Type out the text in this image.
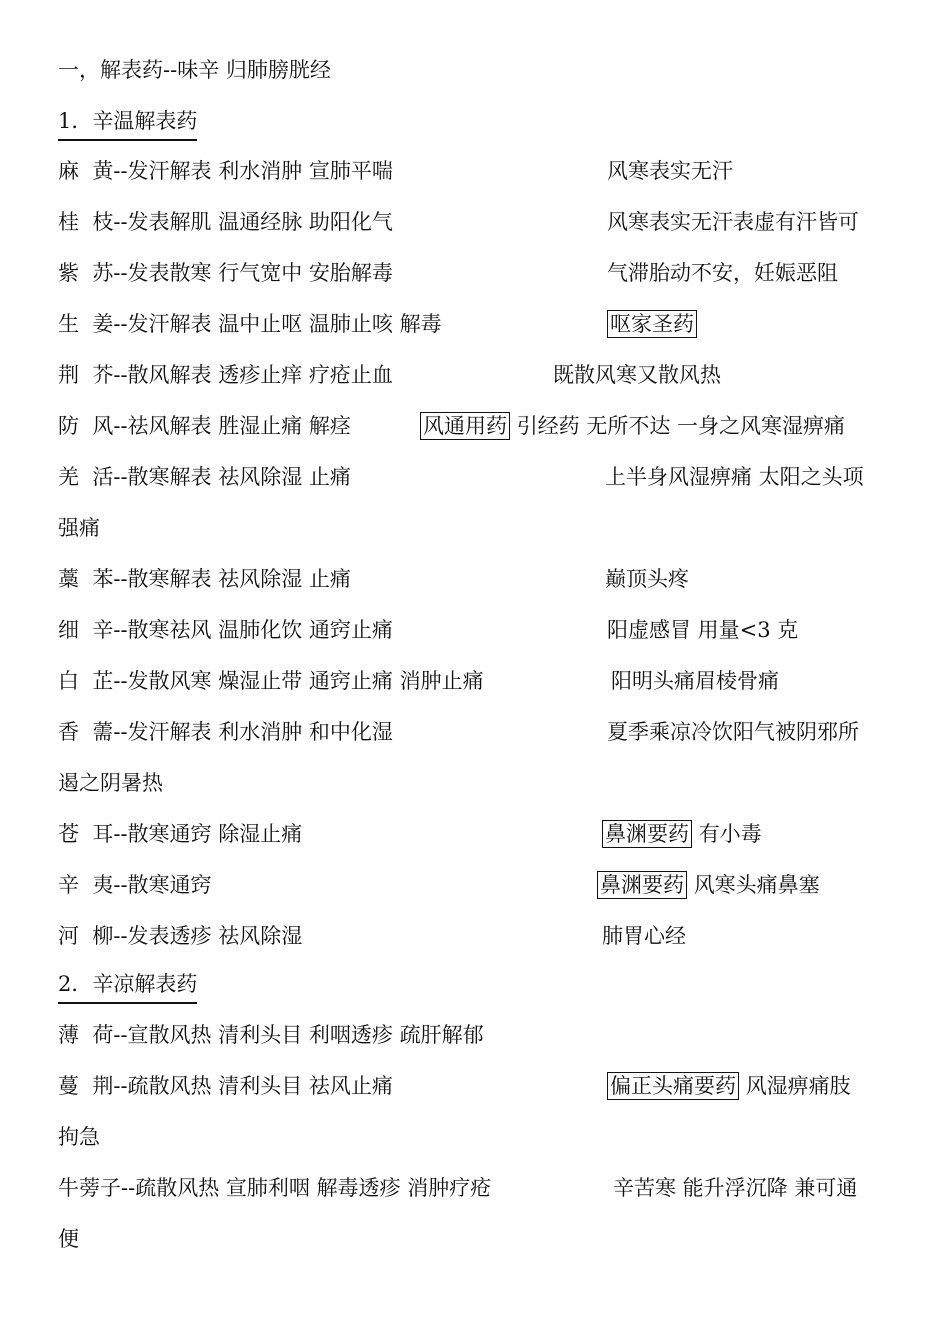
一，解表药--味辛 归肺膀胱经
1．辛温解表药
麻  黄--发汗解表 利水消肿 宣肺平喘	风寒表实无汗
桂  枝--发表解肌 温通经脉 助阳化气	风寒表实无汗表虚有汗皆可
紫  苏--发表散寒 行气宽中 安胎解毒	气滞胎动不安，妊娠恶阻
生  姜--发汗解表 温中止呕 温肺止咳 解毒	呕家圣药
荆  芥--散风解表 透疹止痒 疗疮止血	既散风寒又散风热
防  风--祛风解表 胜湿止痛 解痉	风通用药 引经药 无所不达 一身之风寒湿痹痛
羌  活--散寒解表 祛风除湿 止痛	上半身风湿痹痛 太阳之头项
强痛
藁  苯--散寒解表 祛风除湿 止痛	巅顶头疼
细  辛--散寒祛风 温肺化饮 通窍止痛	阳虚感冒 用量<3 克
白  芷--发散风寒 燥湿止带 通窍止痛 消肿止痛	阳明头痛眉棱骨痛
香  薷--发汗解表 利水消肿 和中化湿	夏季乘凉冷饮阳气被阴邪所
遏之阴暑热
苍  耳--散寒通窍 除湿止痛	鼻渊要药 有小毒
辛  夷--散寒通窍	鼻渊要药 风寒头痛鼻塞
河  柳--发表透疹 祛风除湿	肺胃心经
2．辛凉解表药
薄  荷--宣散风热 清利头目 利咽透疹 疏肝解郁
蔓  荆--疏散风热 清利头目 祛风止痛	偏正头痛要药 风湿痹痛肢
拘急
牛蒡子--疏散风热 宣肺利咽 解毒透疹 消肿疗疮	辛苦寒 能升浮沉降 兼可通
便
